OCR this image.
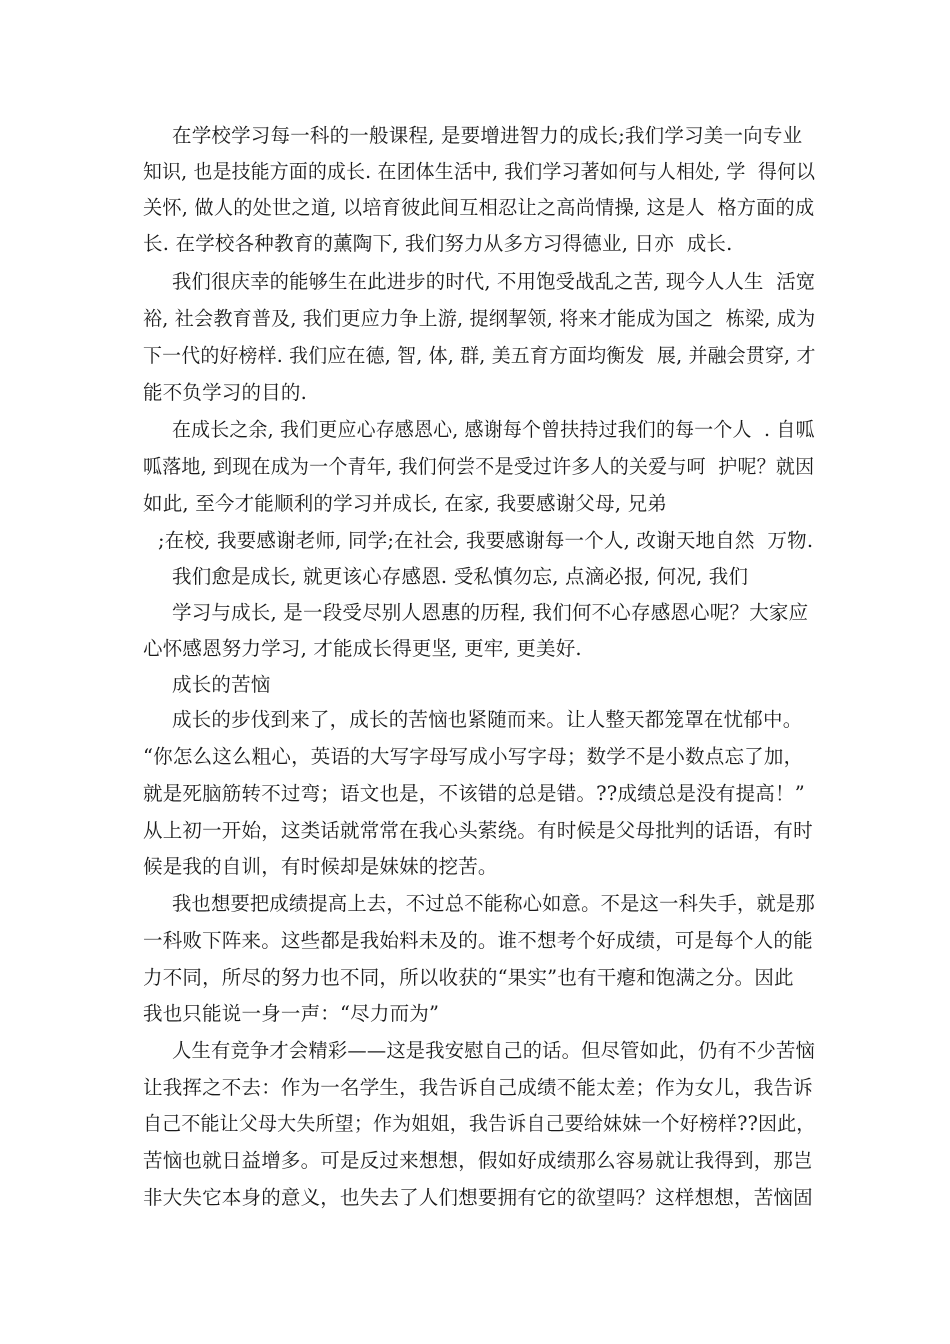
在学校学习每一科的一般课程, 是要增进智力的成长;我们学习美一向专业
知识, 也是技能方面的成长. 在团体生活中, 我们学习著如何与人相处, 学  得何以
关怀, 做人的处世之道, 以培育彼此间互相忍让之高尚情操, 这是人  格方面的成
长. 在学校各种教育的薰陶下, 我们努力从多方习得德业, 日亦  成长.
我们很庆幸的能够生在此进步的时代, 不用饱受战乱之苦, 现今人人生  活宽
裕, 社会教育普及, 我们更应力争上游, 提纲挈领, 将来才能成为国之  栋梁, 成为
下一代的好榜样. 我们应在德, 智, 体, 群, 美五育方面均衡发  展, 并融会贯穿, 才
能不负学习的目的.
在成长之余, 我们更应心存感恩心, 感谢每个曾扶持过我们的每一个人  . 自呱
呱落地, 到现在成为一个青年, 我们何尝不是受过许多人的关爱与呵  护呢？就因
如此, 至今才能顺利的学习并成长, 在家, 我要感谢父母, 兄弟
;在校, 我要感谢老师, 同学;在社会, 我要感谢每一个人, 改谢天地自然  万物.
我们愈是成长, 就更该心存感恩. 受私慎勿忘, 点滴必报, 何况, 我们
学习与成长, 是一段受尽别人恩惠的历程, 我们何不心存感恩心呢？大家应
心怀感恩努力学习, 才能成长得更坚, 更牢, 更美好.
成长的苦恼
成长的步伐到来了，成长的苦恼也紧随而来。让人整天都笼罩在忧郁中。
“你怎么这么粗心，英语的大写字母写成小写字母；数学不是小数点忘了加，
就是死脑筋转不过弯；语文也是，不该错的总是错。??成绩总是没有提高！”
从上初一开始，这类话就常常在我心头萦绕。有时候是父母批判的话语，有时
候是我的自训，有时候却是妹妹的挖苦。
我也想要把成绩提高上去，不过总不能称心如意。不是这一科失手，就是那
一科败下阵来。这些都是我始料未及的。谁不想考个好成绩，可是每个人的能
力不同，所尽的努力也不同，所以收获的“果实”也有干瘪和饱满之分。因此
我也只能说一身一声：“尽力而为”
人生有竞争才会精彩——这是我安慰自己的话。但尽管如此，仍有不少苦恼
让我挥之不去：作为一名学生，我告诉自己成绩不能太差；作为女儿，我告诉
自己不能让父母大失所望；作为姐姐，我告诉自己要给妹妹一个好榜样??因此，
苦恼也就日益增多。可是反过来想想，假如好成绩那么容易就让我得到，那岂
非大失它本身的意义，也失去了人们想要拥有它的欲望吗？这样想想，苦恼固
